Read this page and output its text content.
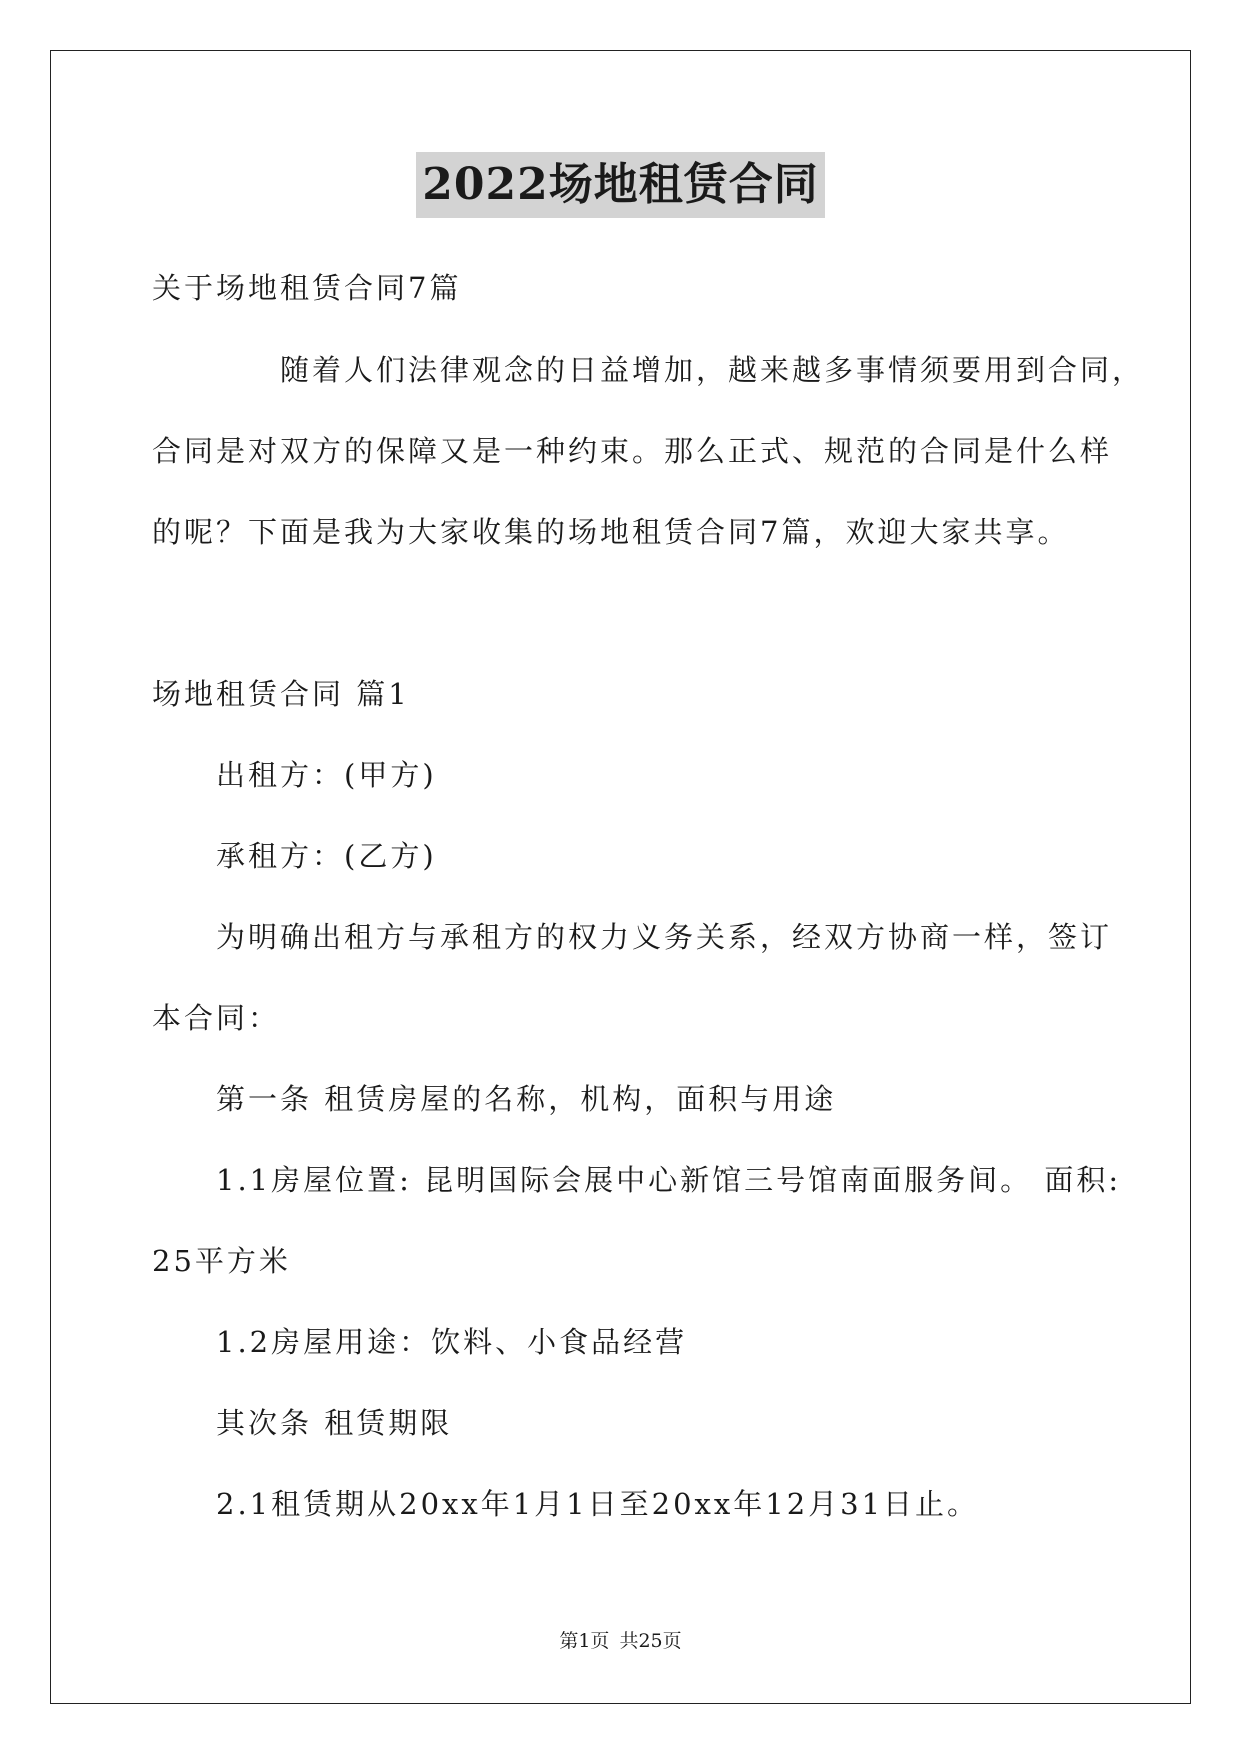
2022场地租赁合同
关于场地租赁合同7篇
随着人们法律观念的日益增加，越来越多事情须要用到合同，
合同是对双方的保障又是一种约束。那么正式、规范的合同是什么样
的呢？下面是我为大家收集的场地租赁合同7篇，欢迎大家共享。
场地租赁合同 篇1
出租方：(甲方)
承租方：(乙方)
为明确出租方与承租方的权力义务关系，经双方协商一样，签订
本合同：
第一条 租赁房屋的名称，机构，面积与用途
1.1房屋位置: 昆明国际会展中心新馆三号馆南面服务间。 面积:
25平方米
1.2房屋用途：饮料、小食品经营
其次条 租赁期限
2.1租赁期从20xx年1月1日至20xx年12月31日止。
第1页 共25页
